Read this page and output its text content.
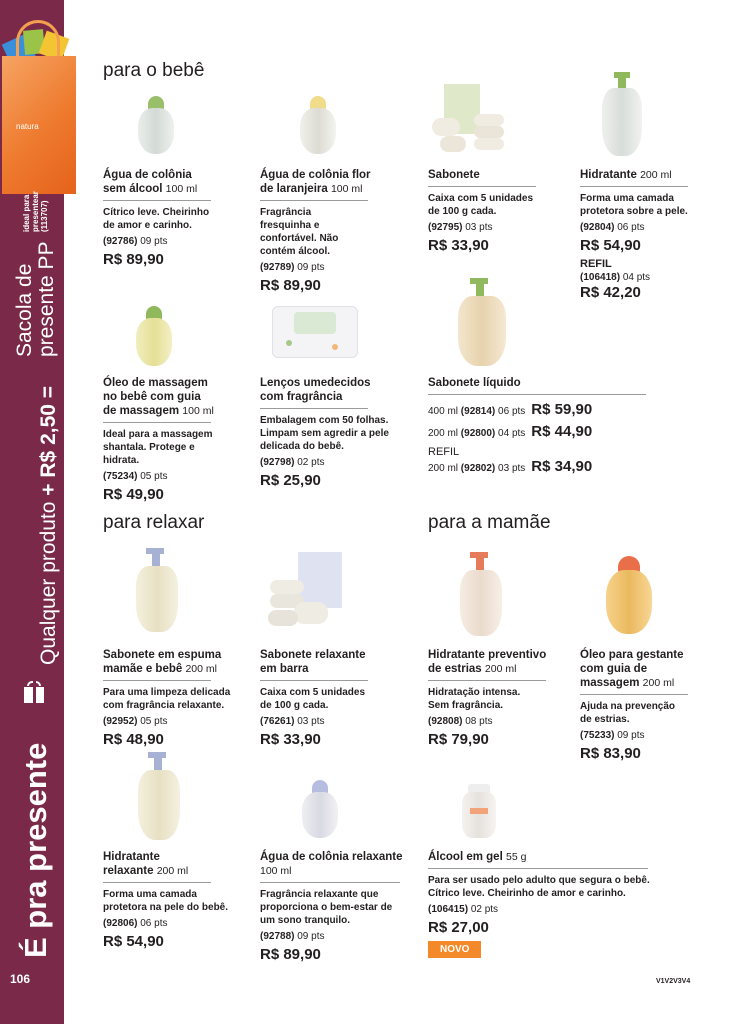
natura
ideal para presentear (113707)
Sacola de
presente PP
Qualquer produto + R$ 2,50 =
É pra presente
106
para o bebê
para relaxar	para a mamãe
Água de colônia sem álcool 100 ml
Cítrico leve. Cheirinho de amor e carinho.
(92786) 09 pts
R$ 89,90
Água de colônia flor de laranjeira 100 ml
Fragrância fresquinha e confortável. Não contém álcool.
(92789) 09 pts
R$ 89,90
Sabonete
Caixa com 5 unidades de 100 g cada.
(92795) 03 pts
R$ 33,90
Hidratante 200 ml
Forma uma camada protetora sobre a pele.
(92804) 06 pts
R$ 54,90
REFIL
(106418) 04 pts
R$ 42,20
Óleo de massagem no bebê com guia de massagem 100 ml
Ideal para a massagem shantala. Protege e hidrata.
(75234) 05 pts
R$ 49,90
Lenços umedecidos com fragrância
Embalagem com 50 folhas. Limpam sem agredir a pele delicada do bebê.
(92798) 02 pts
R$ 25,90
Sabonete líquido
400 ml
(92814)
06 pts R$ 59,90
200 ml
(92800)
04 pts R$ 44,90
REFIL
200 ml
(92802)
03 pts R$ 34,90
Sabonete em espuma mamãe e bebê 200 ml
Para uma limpeza delicada com fragrância relaxante.
(92952) 05 pts
R$ 48,90
Sabonete relaxante em barra
Caixa com 5 unidades de 100 g cada.
(76261) 03 pts
R$ 33,90
Hidratante preventivo de estrias 200 ml
Hidratação intensa. Sem fragrância.
(92808) 08 pts
R$ 79,90
Óleo para gestante com guia de massagem 200 ml
Ajuda na prevenção de estrias.
(75233) 09 pts
R$ 83,90
Hidratante relaxante 200 ml
Forma uma camada protetora na pele do bebê.
(92806) 06 pts
R$ 54,90
Água de colônia relaxante 100 ml
Fragrância relaxante que proporciona o bem-estar de um sono tranquilo.
(92788) 09 pts
R$ 89,90
Álcool em gel 55 g
Para ser usado pelo adulto que segura o bebê. Cítrico leve. Cheirinho de amor e carinho.
(106415) 02 pts
R$ 27,00
NOVO
V1V2V3V4
